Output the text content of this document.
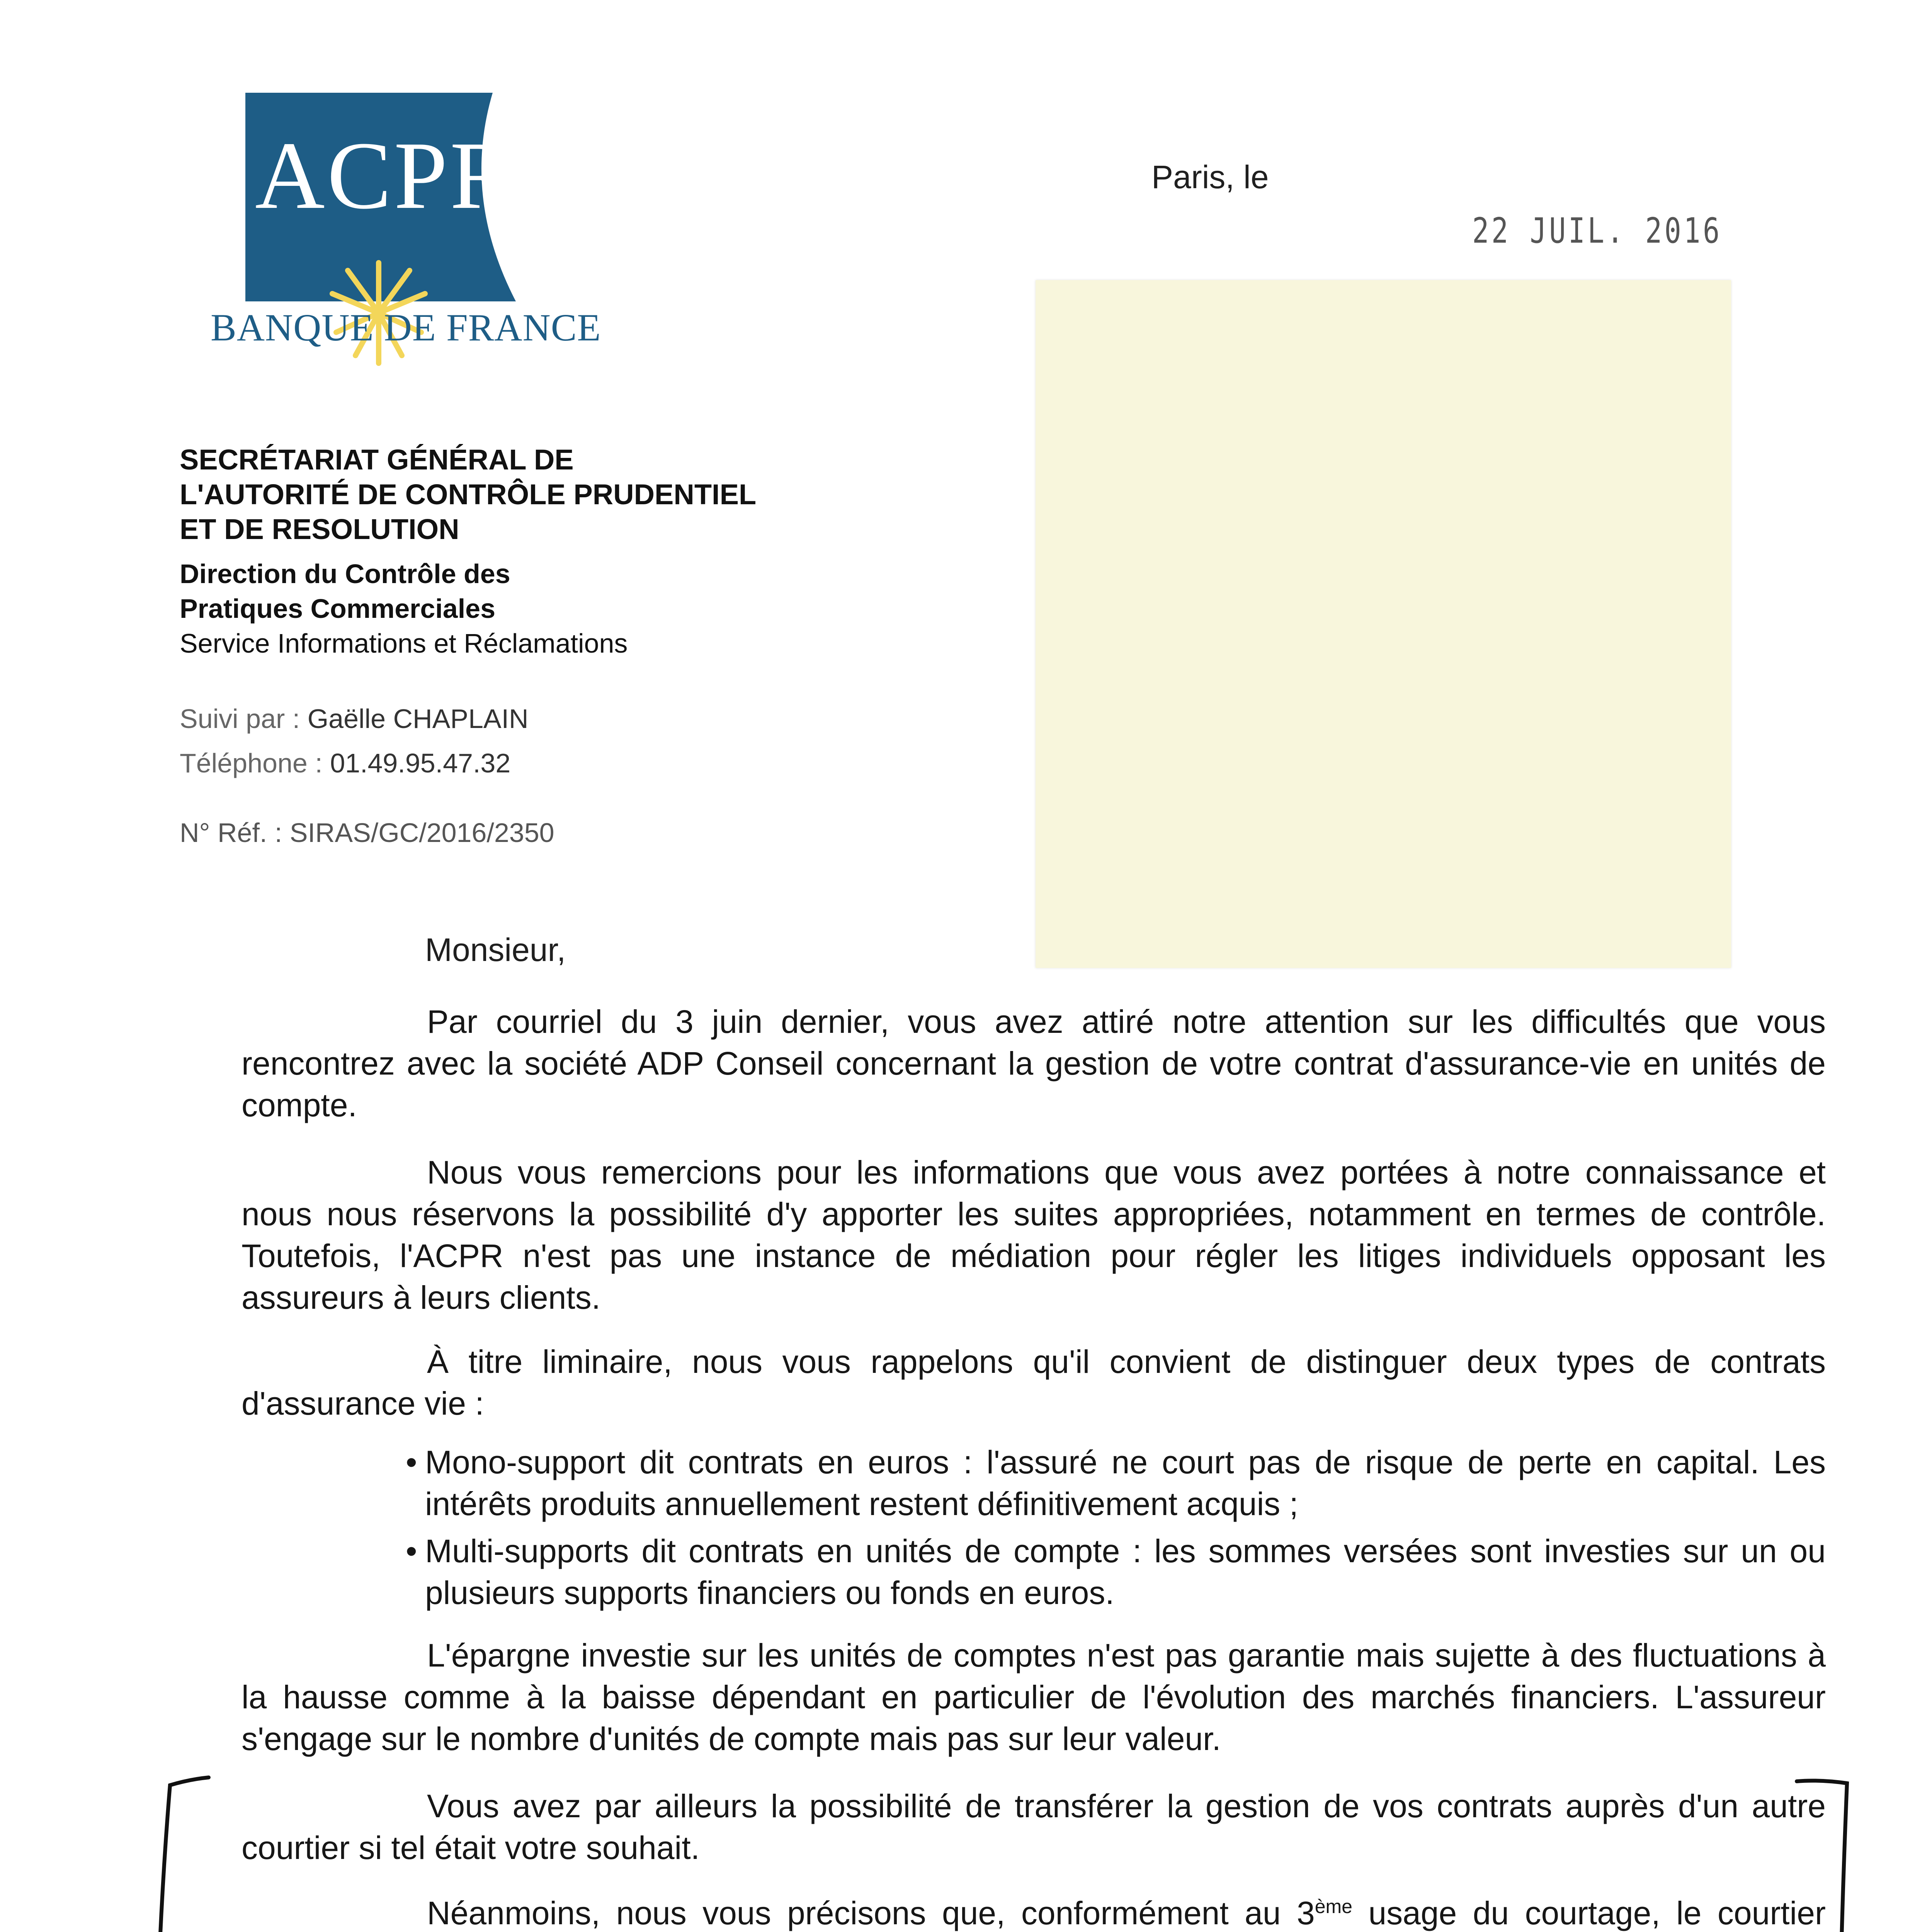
ACPR
BANQUE DE FRANCE
SECRÉTARIAT GÉNÉRAL DE
L'AUTORITÉ DE CONTRÔLE PRUDENTIEL
ET DE RESOLUTION
Direction du Contrôle des
Pratiques Commerciales
Service Informations et Réclamations
Suivi par : Gaëlle CHAPLAIN
Téléphone : 01.49.95.47.32
N° Réf. : SIRAS/GC/2016/2350
Paris, le
22 JUIL. 2016
Monsieur,
Par courriel du 3 juin dernier, vous avez attiré notre attention sur les difficultés que vous rencontrez avec la société ADP Conseil concernant la gestion de votre contrat d'assurance-vie en unités de compte.
Nous vous remercions pour les informations que vous avez portées à notre connaissance et nous nous réservons la possibilité d'y apporter les suites appropriées, notamment en termes de contrôle. Toutefois, l'ACPR n'est pas une instance de médiation pour régler les litiges individuels opposant les assureurs à leurs clients.
À titre liminaire, nous vous rappelons qu'il convient de distinguer deux types de contrats d'assurance vie :
• Mono-support dit contrats en euros : l'assuré ne court pas de risque de perte en capital. Les intérêts produits annuellement restent définitivement acquis ;
• Multi-supports dit contrats en unités de compte : les sommes versées sont investies sur un ou plusieurs supports financiers ou fonds en euros.
L'épargne investie sur les unités de comptes n'est pas garantie mais sujette à des fluctuations à la hausse comme à la baisse dépendant en particulier de l'évolution des marchés financiers. L'assureur s'engage sur le nombre d'unités de compte mais pas sur leur valeur.
Vous avez par ailleurs la possibilité de transférer la gestion de vos contrats auprès d'un autre courtier si tel était votre souhait.
Néanmoins, nous vous précisons que, conformément au 3ème usage du courtage, le courtier
